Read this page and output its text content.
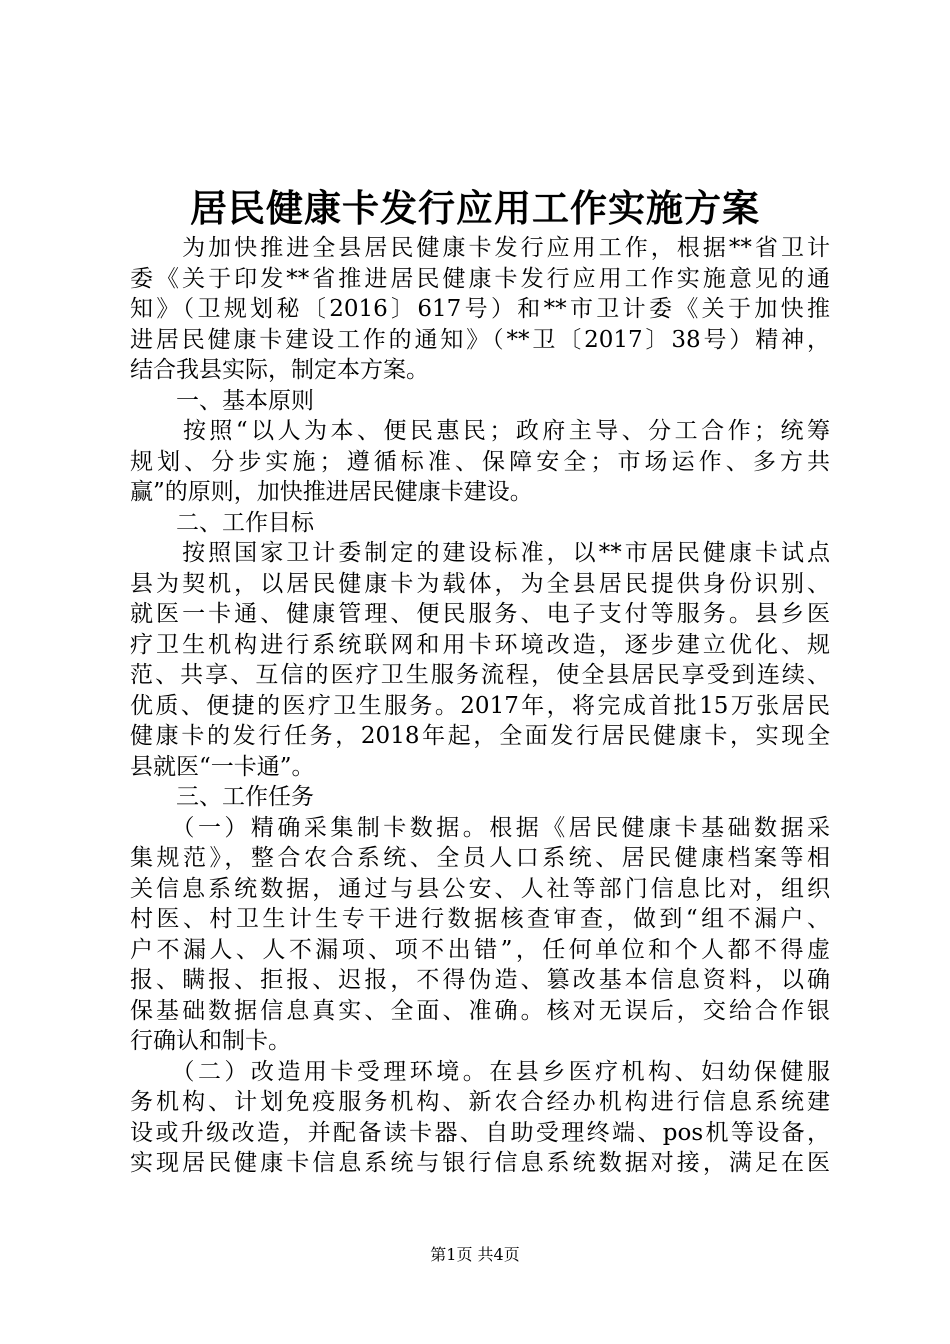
居民健康卡发行应用工作实施方案
　　为加快推进全县居民健康卡发行应用工作，根据**省卫计
委《关于印发**省推进居民健康卡发行应用工作实施意见的通
知》（卫规划秘〔2016〕617号）和**市卫计委《关于加快推
进居民健康卡建设工作的通知》（**卫〔2017〕38号）精神，
结合我县实际，制定本方案。
　　一、基本原则
　　按照“以人为本、便民惠民；政府主导、分工合作；统筹
规划、分步实施；遵循标准、保障安全；市场运作、多方共
赢”的原则，加快推进居民健康卡建设。
　　二、工作目标
　　按照国家卫计委制定的建设标准，以**市居民健康卡试点
县为契机，以居民健康卡为载体，为全县居民提供身份识别、
就医一卡通、健康管理、便民服务、电子支付等服务。县乡医
疗卫生机构进行系统联网和用卡环境改造，逐步建立优化、规
范、共享、互信的医疗卫生服务流程，使全县居民享受到连续、
优质、便捷的医疗卫生服务。2017年，将完成首批15万张居民
健康卡的发行任务，2018年起，全面发行居民健康卡，实现全
县就医“一卡通”。
　　三、工作任务
　　（一）精确采集制卡数据。根据《居民健康卡基础数据采
集规范》，整合农合系统、全员人口系统、居民健康档案等相
关信息系统数据，通过与县公安、人社等部门信息比对，组织
村医、村卫生计生专干进行数据核查审查，做到“组不漏户、
户不漏人、人不漏项、项不出错”，任何单位和个人都不得虚
报、瞒报、拒报、迟报，不得伪造、篡改基本信息资料，以确
保基础数据信息真实、全面、准确。核对无误后，交给合作银
行确认和制卡。
　　（二）改造用卡受理环境。在县乡医疗机构、妇幼保健服
务机构、计划免疫服务机构、新农合经办机构进行信息系统建
设或升级改造，并配备读卡器、自助受理终端、pos机等设备，
实现居民健康卡信息系统与银行信息系统数据对接，满足在医
第1页 共4页
